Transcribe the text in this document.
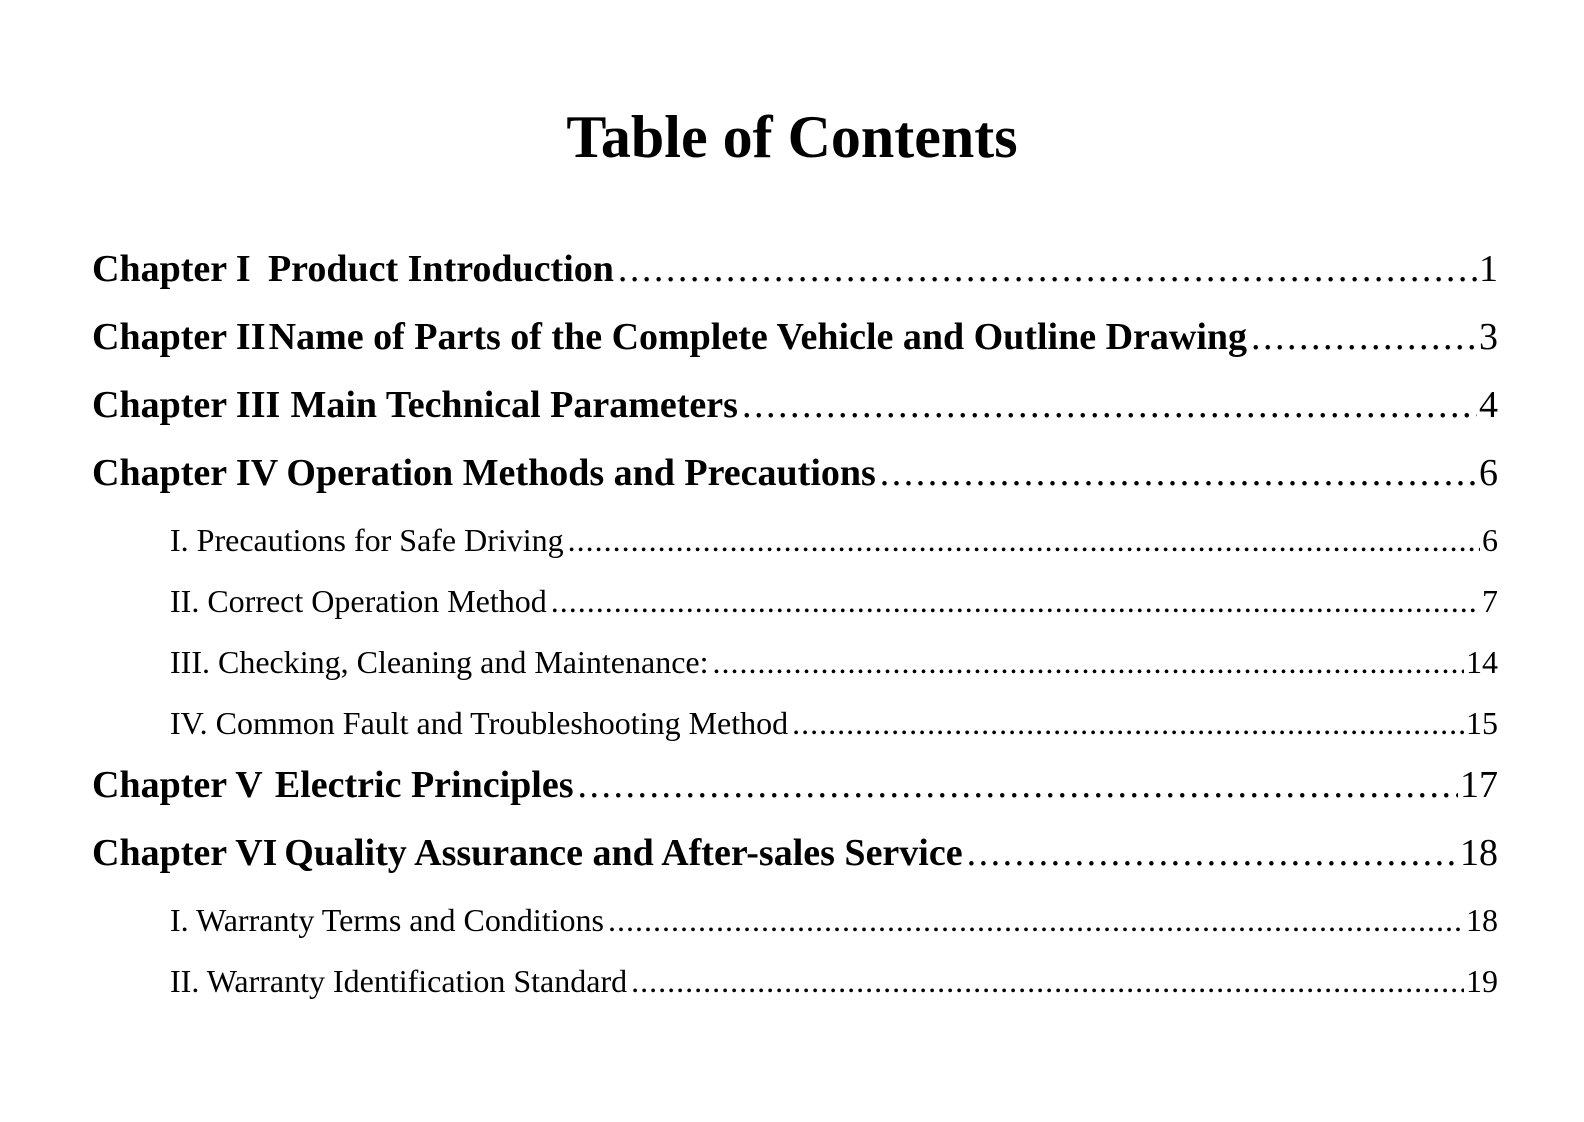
Table of Contents
Chapter I Product Introduction . . .	1
Chapter II Name of Parts of the Complete Vehicle and Outline Drawing . . .	3
Chapter III Main Technical Parameters . . .	4
Chapter IV Operation Methods and Precautions . . .	6
I. Precautions for Safe Driving . . .	6
II. Correct Operation Method . . .	7
III. Checking, Cleaning and Maintenance: . . .	14
IV. Common Fault and Troubleshooting Method . . .	15
Chapter V Electric Principles . . .	17
Chapter VI Quality Assurance and After-sales Service . . .	18
I. Warranty Terms and Conditions . . .	18
II. Warranty Identification Standard . . .	19
